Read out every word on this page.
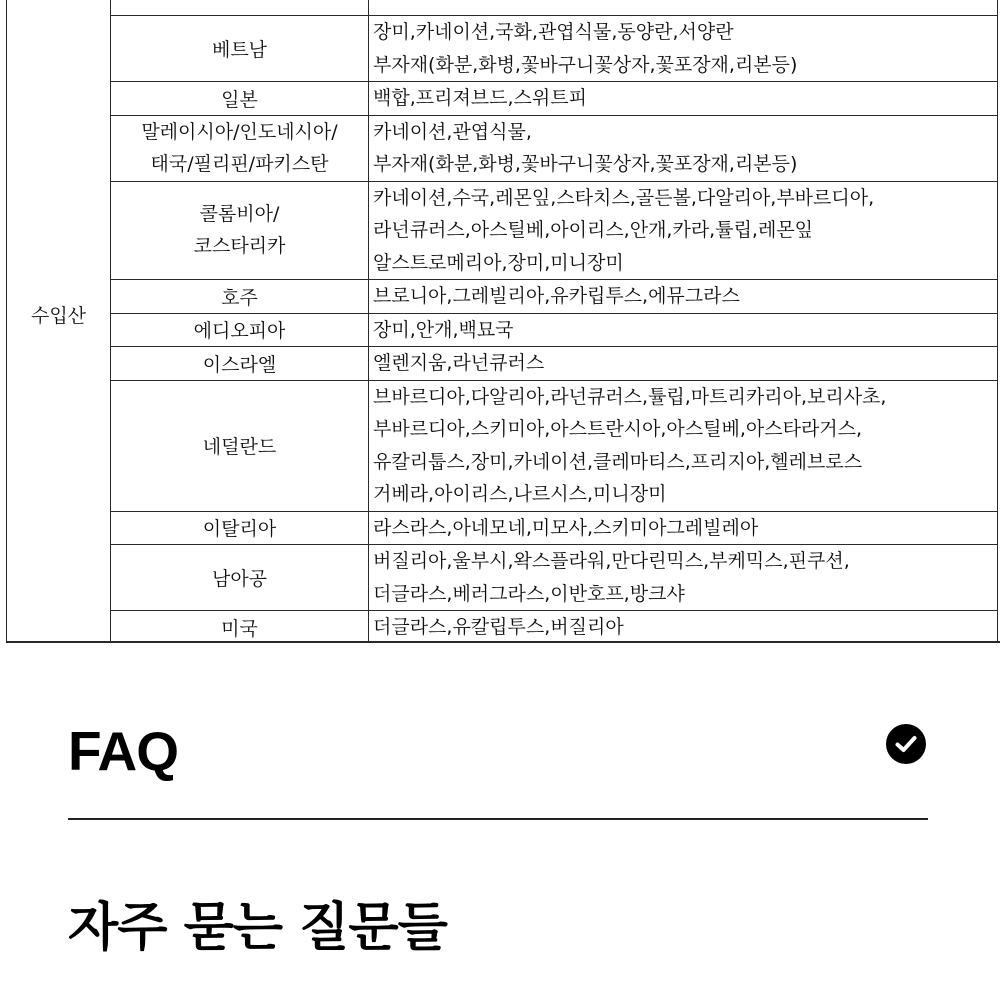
수입산		

	베트남	장미,카네이션,국화,관엽식물,동양란,서양란
부자재(화분,화병,꽃바구니꽃상자,꽃포장재,리본등)

	일본	백합,프리져브드,스위트피

	말레이시아/인도네시아/
태국/필리핀/파키스탄	카네이션,관엽식물,
부자재(화분,화병,꽃바구니꽃상자,꽃포장재,리본등)

	콜롬비아/
코스타리카	카네이션,수국,레몬잎,스타치스,골든볼,다알리아,부바르디아,
라넌큐러스,아스틸베,아이리스,안개,카라,튤립,레몬잎
알스트로메리아,장미,미니장미

	호주	브로니아,그레빌리아,유카립투스,에뮤그라스

	에디오피아	장미,안개,백묘국

	이스라엘	엘렌지움,라넌큐러스

	네덜란드	브바르디아,다알리아,라넌큐러스,튤립,마트리카리아,보리사초,
부바르디아,스키미아,아스트란시아,아스틸베,아스타라거스,
유칼리툽스,장미,카네이션,클레마티스,프리지아,헬레브로스
거베라,아이리스,나르시스,미니장미

	이탈리아	라스라스,아네모네,미모사,스키미아그레빌레아

	남아공	버질리아,울부시,왁스플라워,만다린믹스,부케믹스,핀쿠션,
더글라스,베러그라스,이반호프,방크샤

	미국	더글라스,유칼립투스,버질리아
FAQ
자주 묻는 질문들
